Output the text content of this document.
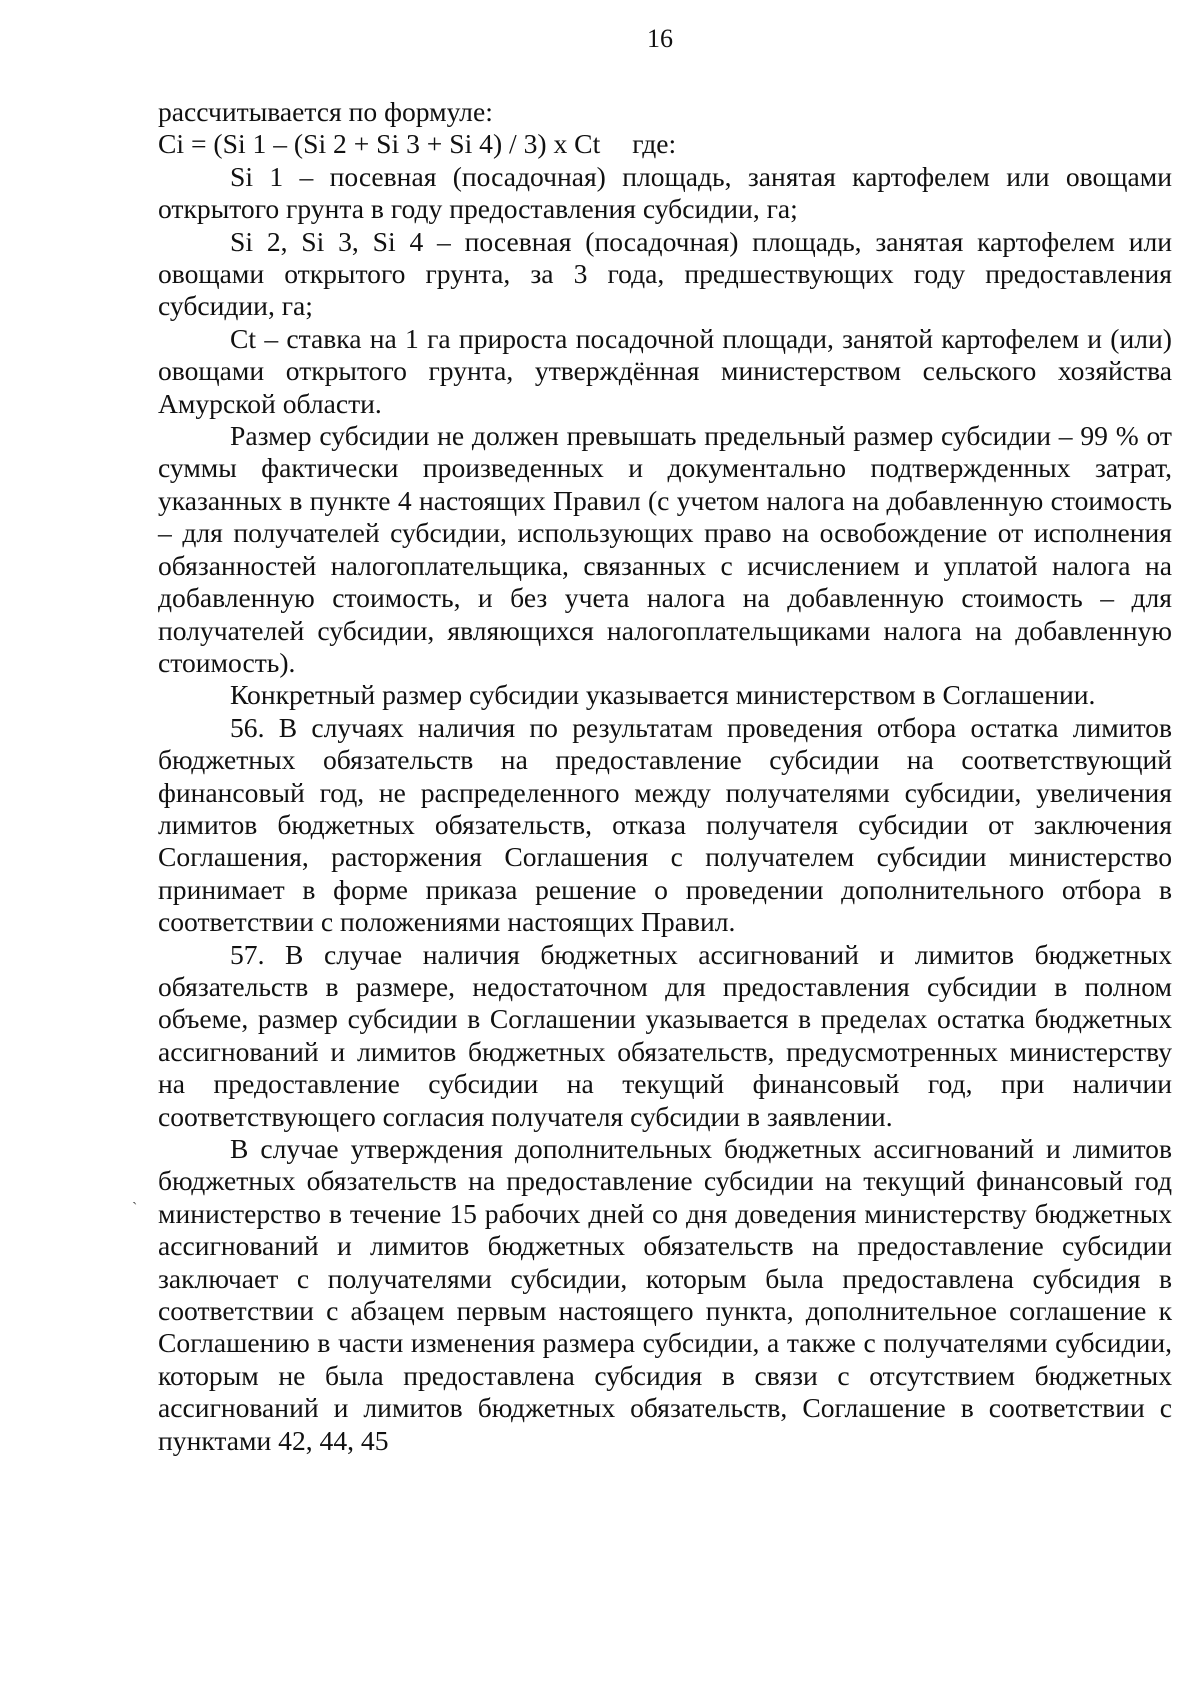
16

рассчитывается по формуле:

Ci = (Si 1 – (Si 2 + Si 3 + Si 4) / 3) х Ct где:

Si 1 – посевная (посадочная) площадь, занятая картофелем или овощами открытого грунта в году предоставления субсидии, га;

Si 2, Si 3, Si 4 – посевная (посадочная) площадь, занятая картофелем или овощами открытого грунта, за 3 года, предшествующих году предоставления субсидии, га;

Ct – ставка на 1 га прироста посадочной площади, занятой картофелем и (или) овощами открытого грунта, утверждённая министерством сельского хозяйства Амурской области.

Размер субсидии не должен превышать предельный размер субсидии – 99 % от суммы фактически произведенных и документально подтвержденных затрат, указанных в пункте 4 настоящих Правил (с учетом налога на добавленную стоимость – для получателей субсидии, использующих право на освобождение от исполнения обязанностей налогоплательщика, связанных с исчислением и уплатой налога на добавленную стоимость, и без учета налога на добавленную стоимость – для получателей субсидии, являющихся налогоплательщиками налога на добавленную стоимость).

Конкретный размер субсидии указывается министерством в Соглашении.

56. В случаях наличия по результатам проведения отбора остатка лимитов бюджетных обязательств на предоставление субсидии на соответствующий финансовый год, не распределенного между получателями субсидии, увеличения лимитов бюджетных обязательств, отказа получателя субсидии от заключения Соглашения, расторжения Соглашения с получателем субсидии министерство принимает в форме приказа решение о проведении дополнительного отбора в соответствии с положениями настоящих Правил.

57. В случае наличия бюджетных ассигнований и лимитов бюджетных обязательств в размере, недостаточном для предоставления субсидии в полном объеме, размер субсидии в Соглашении указывается в пределах остатка бюджетных ассигнований и лимитов бюджетных обязательств, предусмотренных министерству на предоставление субсидии на текущий финансовый год, при наличии соответствующего согласия получателя субсидии в заявлении.

В случае утверждения дополнительных бюджетных ассигнований и лимитов бюджетных обязательств на предоставление субсидии на текущий финансовый год министерство в течение 15 рабочих дней со дня доведения министерству бюджетных ассигнований и лимитов бюджетных обязательств на предоставление субсидии заключает с получателями субсидии, которым была предоставлена субсидия в соответствии с абзацем первым настоящего пункта, дополнительное соглашение к Соглашению в части изменения размера субсидии, а также с получателями субсидии, которым не была предоставлена субсидия в связи с отсутствием бюджетных ассигнований и лимитов бюджетных обязательств, Соглашение в соответствии с пунктами 42, 44, 45

`
